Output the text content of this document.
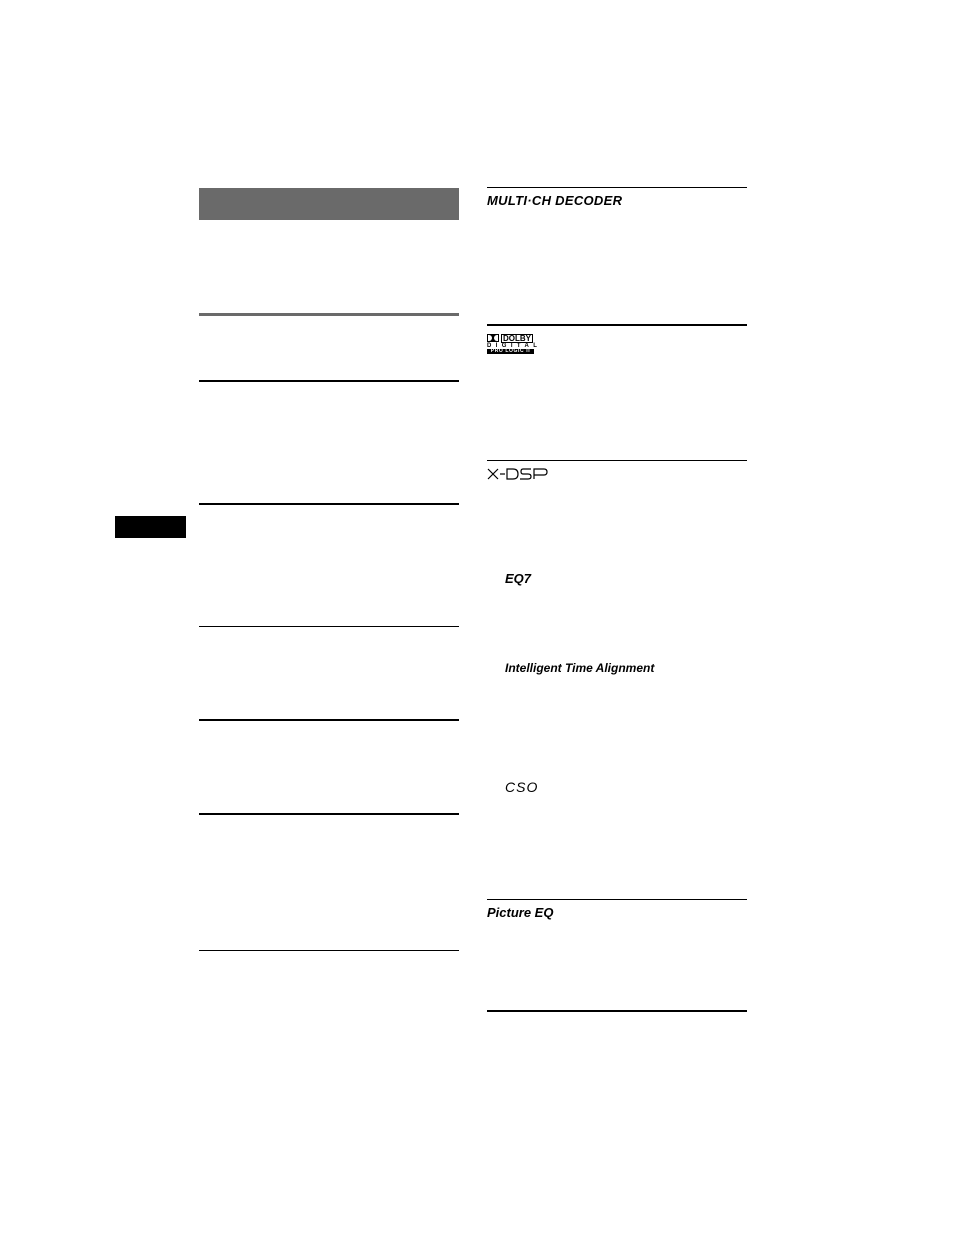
MULTI·CH DECODER
DOLBY
DIGITAL
PRO LOGIC II
EQ7
Intelligent Time Alignment
CSO
Picture EQ
